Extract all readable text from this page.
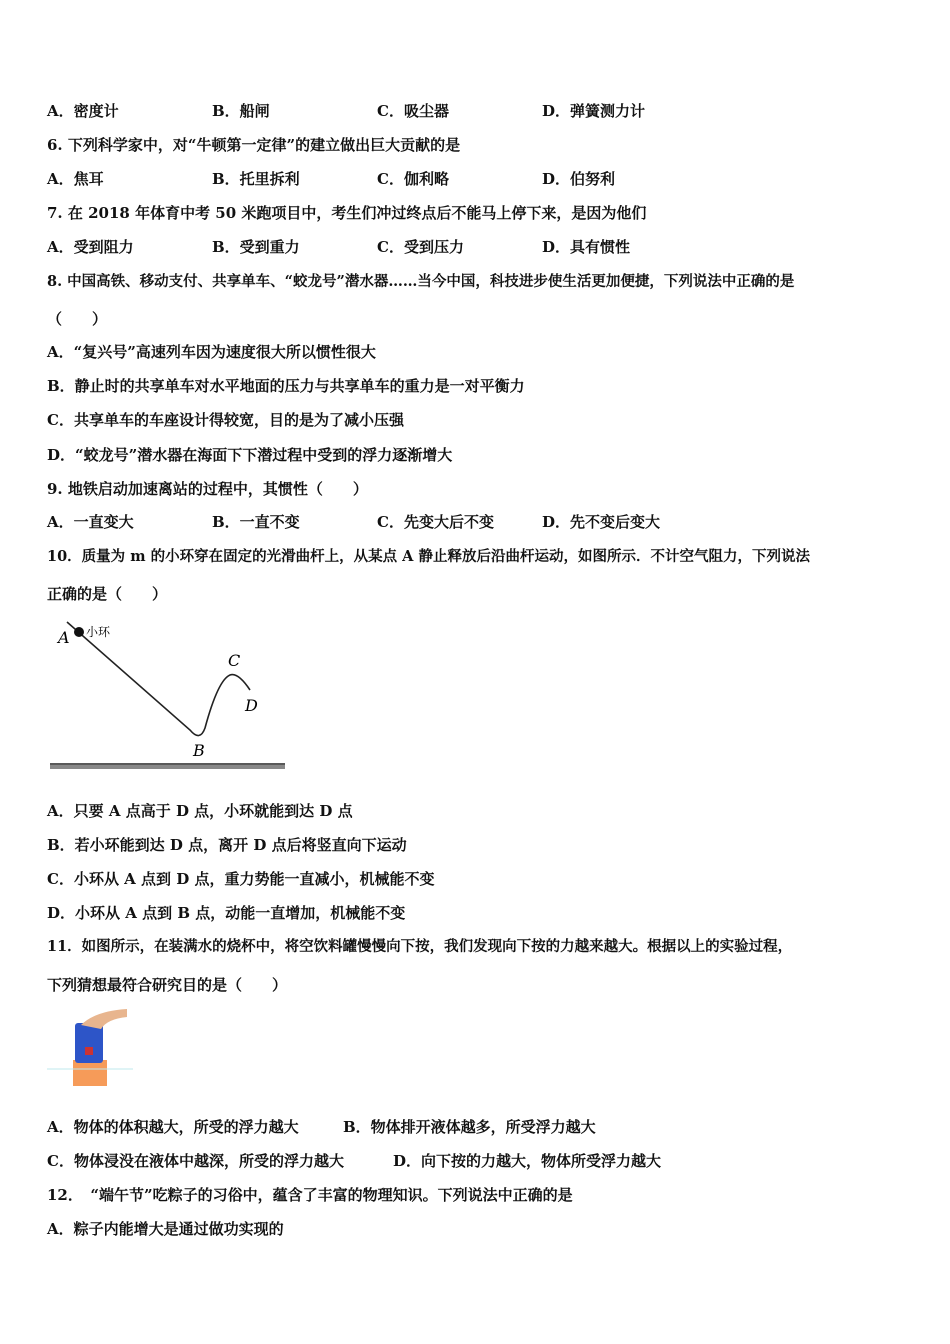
A．密度计	B．船闸	C．吸尘器	D．弹簧测力计
6. 下列科学家中，对“牛顿第一定律”的建立做出巨大贡献的是
A．焦耳	B．托里拆利	C．伽利略	D．伯努利
7. 在 2018 年体育中考 50 米跑项目中，考生们冲过终点后不能马上停下来，是因为他们
A．受到阻力	B．受到重力	C．受到压力	D．具有惯性
8. 中国高铁、移动支付、共享单车、“蛟龙号”潜水器……当今中国，科技进步使生活更加便捷，下列说法中正确的是
（　　）
A．“复兴号”高速列车因为速度很大所以惯性很大
B．静止时的共享单车对水平地面的压力与共享单车的重力是一对平衡力
C．共享单车的车座设计得较宽，目的是为了减小压强
D．“蛟龙号”潜水器在海面下下潜过程中受到的浮力逐渐增大
9. 地铁启动加速离站的过程中，其惯性（　　）
A．一直变大	B．一直不变	C．先变大后不变	D．先不变后变大
10．质量为 m 的小环穿在固定的光滑曲杆上，从某点 A 静止释放后沿曲杆运动，如图所示．不计空气阻力，下列说法
正确的是（　　）
A 小环
B
C
D
A．只要 A 点高于 D 点，小环就能到达 D 点
B．若小环能到达 D 点，离开 D 点后将竖直向下运动
C．小环从 A 点到 D 点，重力势能一直减小，机械能不变
D．小环从 A 点到 B 点，动能一直增加，机械能不变
11．如图所示，在装满水的烧杯中，将空饮料罐慢慢向下按，我们发现向下按的力越来越大。根据以上的实验过程，
下列猜想最符合研究目的是（　　）
A．物体的体积越大，所受的浮力越大	B．物体排开液体越多，所受浮力越大
C．物体浸没在液体中越深，所受的浮力越大	D．向下按的力越大，物体所受浮力越大
12．　“端午节”吃粽子的习俗中，蕴含了丰富的物理知识。下列说法中正确的是
A．粽子内能增大是通过做功实现的
